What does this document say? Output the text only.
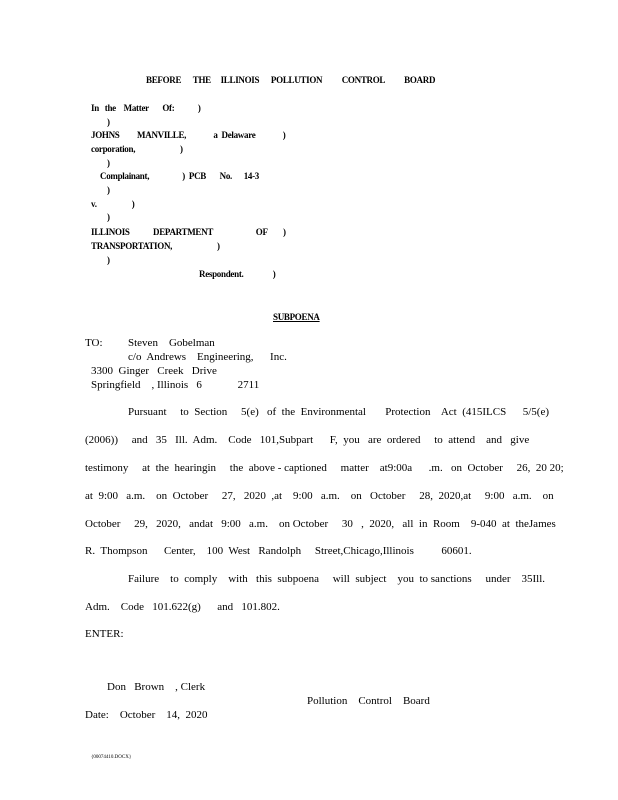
BEFORE      THE     ILLINOIS      POLLUTION          CONTROL          BOARD
In   the    Matter       Of:            )
)
JOHNS         MANVILLE,              a  Delaware              )
corporation,                       )
)
Complainant,                 )  PCB       No.      14-3
)
v.                  )
)
ILLINOIS            DEPARTMENT                      OF        )
TRANSPORTATION,                       )
)
Respondent.               )
SUBPOENA
TO: Steven    Gobelman
c/o  Andrews    Engineering,      Inc.
3300  Ginger   Creek   Drive
Springfield    , Illinois   6             2711
Pursuant     to  Section     5(e)   of  the  Environmental       Protection    Act  (415ILCS      5/5(e)
(2006))     and   35   Ill.  Adm.    Code   101,Subpart      F,  you   are  ordered     to  attend    and   give
testimony     at  the  hearingin     the  above - captioned     matter    at9:00a      .m.   on  October     26,  20 20;
at  9:00   a.m.    on  October     27,   2020  ,at    9:00   a.m.    on   October     28,  2020,at     9:00   a.m.    on
October     29,   2020,   andat   9:00   a.m.    on October     30   ,  2020,   all  in  Room    9-040  at  theJames
R.  Thompson      Center,    100  West   Randolph     Street,Chicago,Illinois          60601.
Failure    to  comply    with   this  subpoena     will  subject    you  to sanctions     under    35Ill.
Adm.    Code   101.622(g)      and   101.802.
ENTER:
Don   Brown    , Clerk
Pollution    Control    Board
Date:    October    14,  2020
{00074410.DOCX}
